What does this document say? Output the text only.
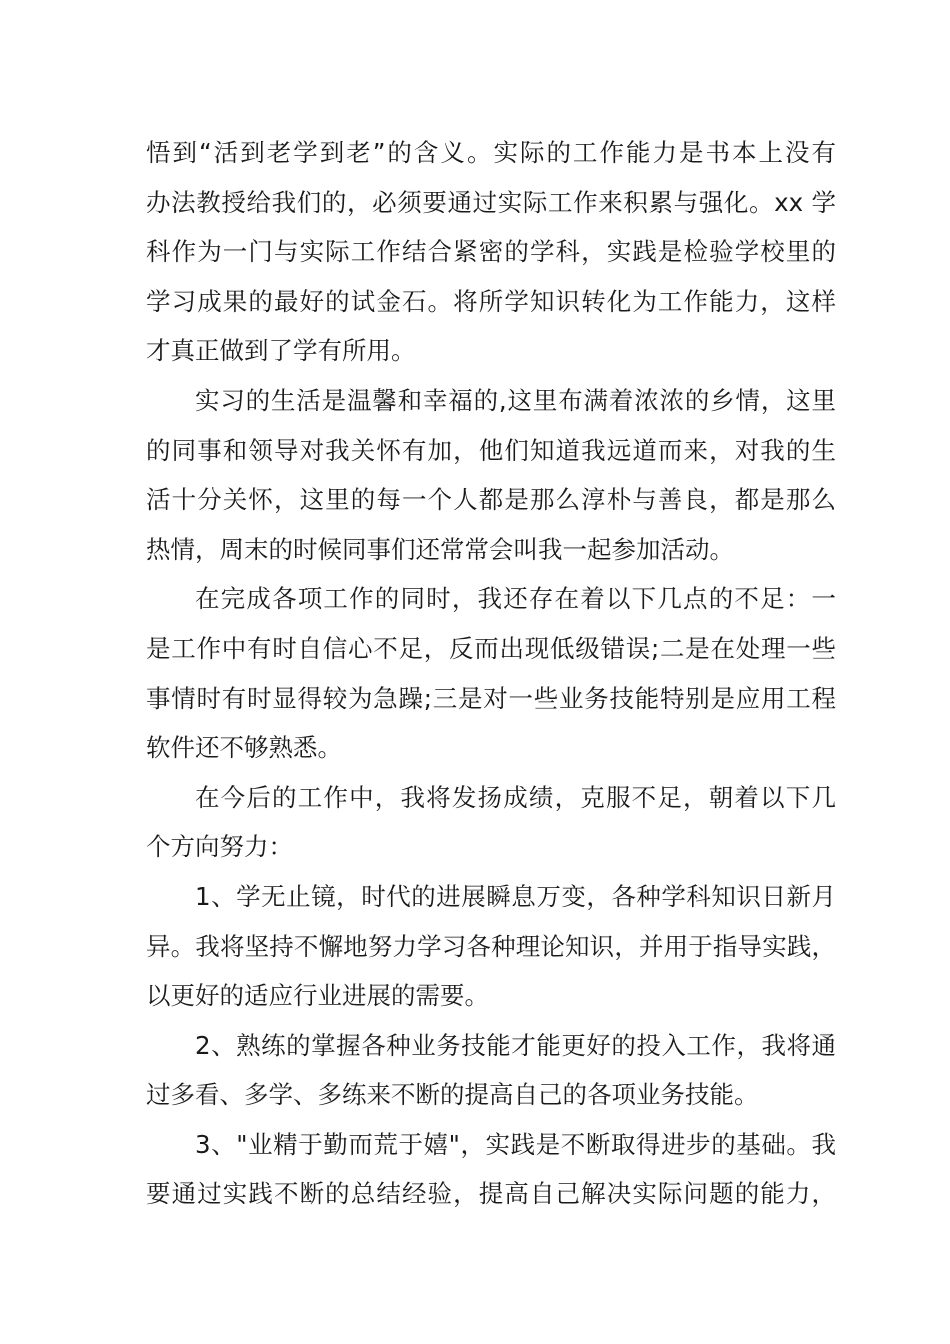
悟到“活到老学到老”的含义。实际的工作能力是书本上没有
办法教授给我们的，必须要通过实际工作来积累与强化。xx 学
科作为一门与实际工作结合紧密的学科，实践是检验学校里的
学习成果的最好的试金石。将所学知识转化为工作能力，这样
才真正做到了学有所用。
实习的生活是温馨和幸福的,这里布满着浓浓的乡情，这里
的同事和领导对我关怀有加，他们知道我远道而来，对我的生
活十分关怀，这里的每一个人都是那么淳朴与善良，都是那么
热情，周末的时候同事们还常常会叫我一起参加活动。
在完成各项工作的同时，我还存在着以下几点的不足：一
是工作中有时自信心不足，反而出现低级错误;二是在处理一些
事情时有时显得较为急躁;三是对一些业务技能特别是应用工程
软件还不够熟悉。
在今后的工作中，我将发扬成绩，克服不足，朝着以下几
个方向努力：
1、学无止镜，时代的进展瞬息万变，各种学科知识日新月
异。我将坚持不懈地努力学习各种理论知识，并用于指导实践，
以更好的适应行业进展的需要。
2、熟练的掌握各种业务技能才能更好的投入工作，我将通
过多看、多学、多练来不断的提高自己的各项业务技能。
3、"业精于勤而荒于嬉"，实践是不断取得进步的基础。我
要通过实践不断的总结经验，提高自己解决实际问题的能力，
